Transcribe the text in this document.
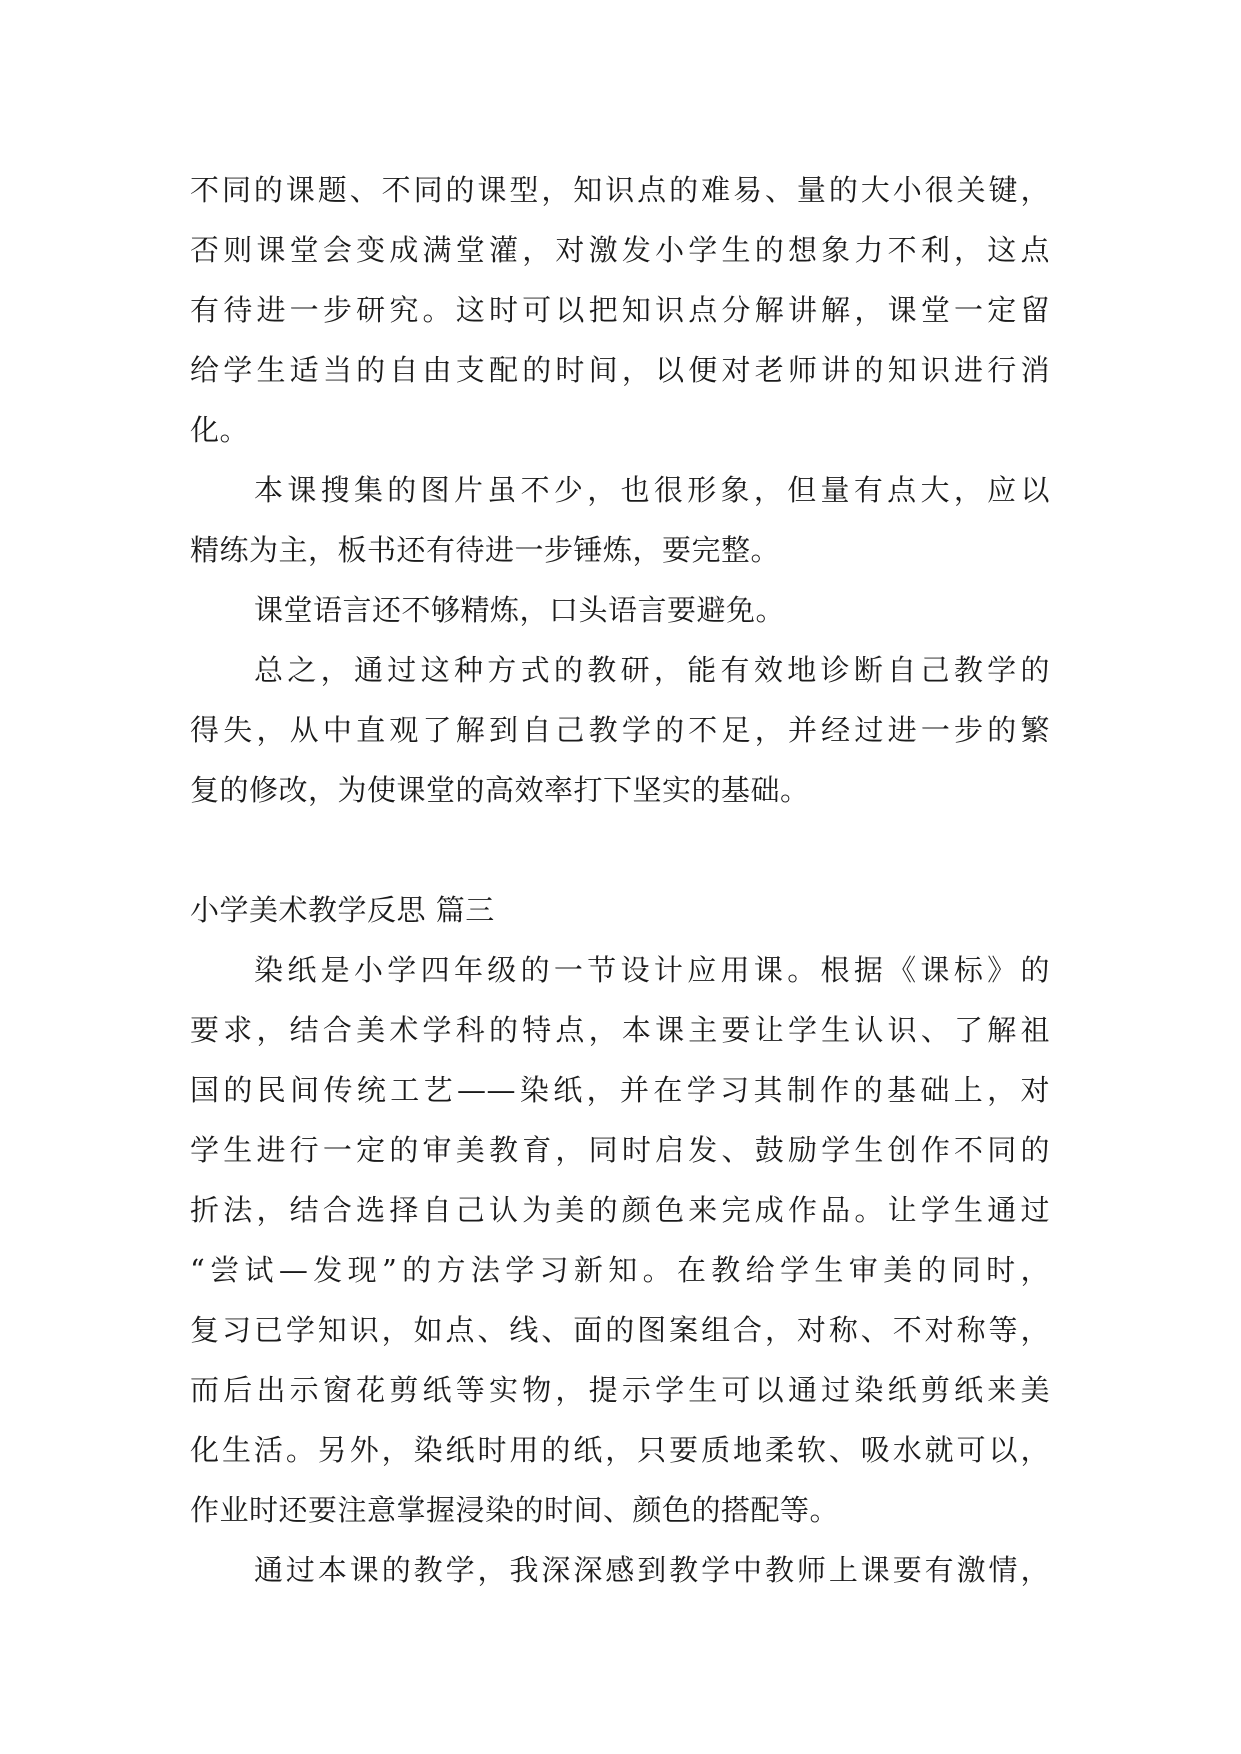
不同的课题、不同的课型，知识点的难易、量的大小很关键，
否则课堂会变成满堂灌，对激发小学生的想象力不利，这点
有待进一步研究。这时可以把知识点分解讲解，课堂一定留
给学生适当的自由支配的时间，以便对老师讲的知识进行消
化。
本课搜集的图片虽不少，也很形象，但量有点大，应以
精练为主，板书还有待进一步锤炼，要完整。
课堂语言还不够精炼，口头语言要避免。
总之，通过这种方式的教研，能有效地诊断自己教学的
得失，从中直观了解到自己教学的不足，并经过进一步的繁
复的修改，为使课堂的高效率打下坚实的基础。
小学美术教学反思 篇三
染纸是小学四年级的一节设计应用课。根据《课标》的
要求，结合美术学科的特点，本课主要让学生认识、了解祖
国的民间传统工艺——染纸，并在学习其制作的基础上，对
学生进行一定的审美教育，同时启发、鼓励学生创作不同的
折法，结合选择自己认为美的颜色来完成作品。让学生通过
“尝试—发现”的方法学习新知。在教给学生审美的同时，
复习已学知识，如点、线、面的图案组合，对称、不对称等，
而后出示窗花剪纸等实物，提示学生可以通过染纸剪纸来美
化生活。另外，染纸时用的纸，只要质地柔软、吸水就可以，
作业时还要注意掌握浸染的时间、颜色的搭配等。
通过本课的教学，我深深感到教学中教师上课要有激情，
